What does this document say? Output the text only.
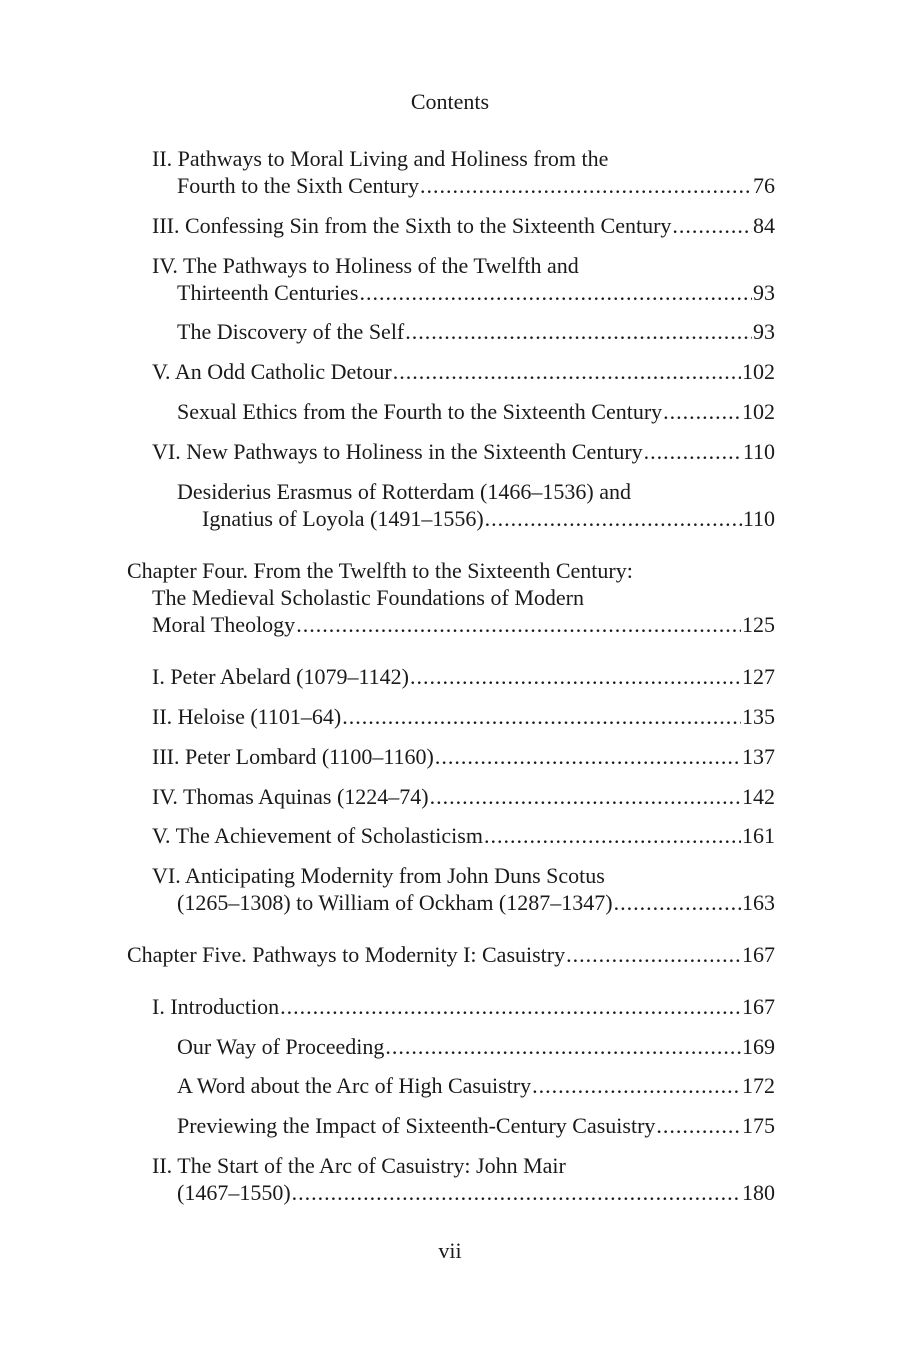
Contents
II. Pathways to Moral Living and Holiness from the
Fourth to the Sixth Century .....	76
III. Confessing Sin from the Sixth to the Sixteenth Century .....	84
IV. The Pathways to Holiness of the Twelfth and
Thirteenth Centuries .....	93
The Discovery of the Self .....	93
V. An Odd Catholic Detour .....	102
Sexual Ethics from the Fourth to the Sixteenth Century .....	102
VI. New Pathways to Holiness in the Sixteenth Century .....	110
Desiderius Erasmus of Rotterdam (1466–1536) and
Ignatius of Loyola (1491–1556) .....	110
Chapter Four. From the Twelfth to the Sixteenth Century:
The Medieval Scholastic Foundations of Modern
Moral Theology .....	125
I. Peter Abelard (1079–1142) .....	127
II. Heloise (1101–64) .....	135
III. Peter Lombard (1100–1160) .....	137
IV. Thomas Aquinas (1224–74) .....	142
V. The Achievement of Scholasticism .....	161
VI. Anticipating Modernity from John Duns Scotus
(1265–1308) to William of Ockham (1287–1347) .....	163
Chapter Five. Pathways to Modernity I: Casuistry .....	167
I. Introduction .....	167
Our Way of Proceeding .....	169
A Word about the Arc of High Casuistry .....	172
Previewing the Impact of Sixteenth-Century Casuistry .....	175
II. The Start of the Arc of Casuistry: John Mair
(1467–1550) .....	180
vii
